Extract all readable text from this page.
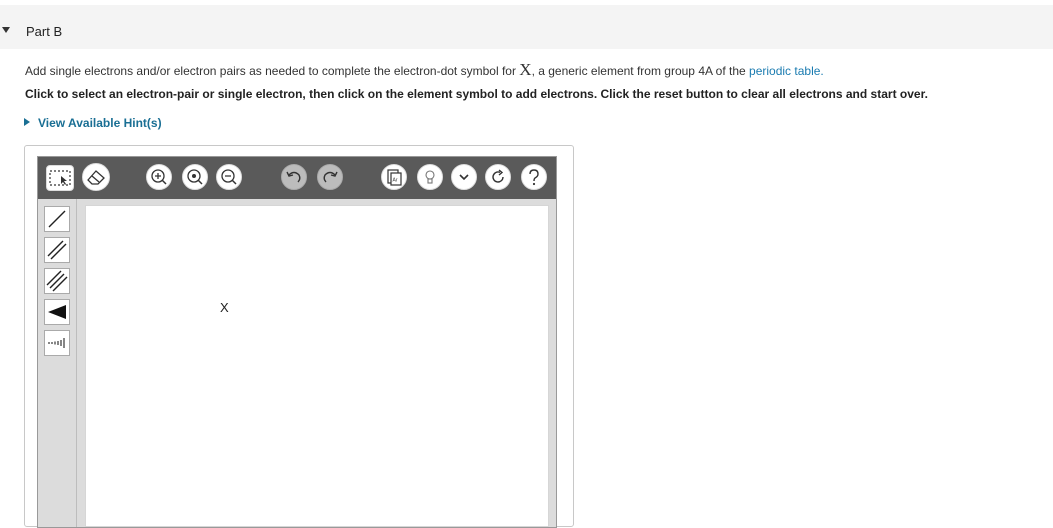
Part B
Add single electrons and/or electron pairs as needed to complete the electron-dot symbol for X, a generic element from group 4A of the periodic table.
Click to select an electron-pair or single electron, then click on the element symbol to add electrons. Click the reset button to clear all electrons and start over.
View Available Hint(s)
Ar
X
